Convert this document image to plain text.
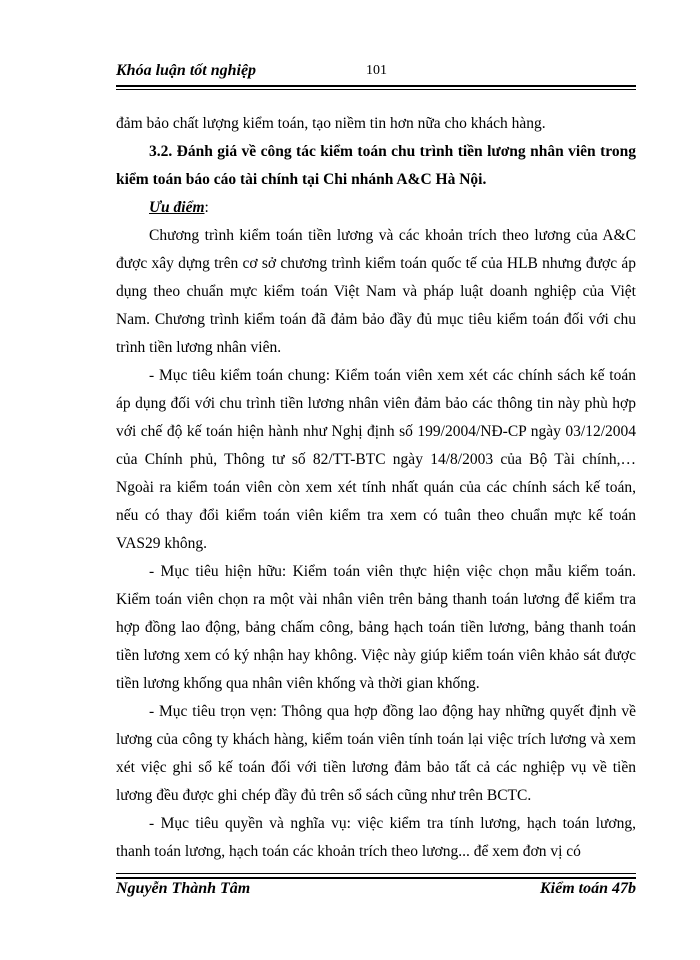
Khóa luận tốt nghiệp	101

đảm bảo chất lượng kiểm toán, tạo niềm tin hơn nữa cho khách hàng.

3.2. Đánh giá về công tác kiểm toán chu trình tiền lương nhân viên trong kiểm toán báo cáo tài chính tại Chi nhánh A&C Hà Nội.

Ưu điểm:

Chương trình kiểm toán tiền lương và các khoản trích theo lương của A&C được xây dựng trên cơ sở chương trình kiểm toán quốc tế của HLB nhưng được áp dụng theo chuẩn mực kiểm toán Việt Nam và pháp luật doanh nghiệp của Việt Nam. Chương trình kiểm toán đã đảm bảo đầy đủ mục tiêu kiểm toán đối với chu trình tiền lương nhân viên.

- Mục tiêu kiểm toán chung: Kiểm toán viên xem xét các chính sách kế toán áp dụng đối với chu trình tiền lương nhân viên đảm bảo các thông tin này phù hợp với chế độ kế toán hiện hành như Nghị định số 199/2004/NĐ-CP ngày 03/12/2004 của Chính phủ, Thông tư số 82/TT-BTC ngày 14/8/2003 của Bộ Tài chính,… Ngoài ra kiểm toán viên còn xem xét tính nhất quán của các chính sách kế toán, nếu có thay đổi kiểm toán viên kiểm tra xem có tuân theo chuẩn mực kế toán VAS29 không.

- Mục tiêu hiện hữu: Kiểm toán viên thực hiện việc chọn mẫu kiểm toán. Kiểm toán viên chọn ra một vài nhân viên trên bảng thanh toán lương để kiểm tra hợp đồng lao động, bảng chấm công, bảng hạch toán tiền lương, bảng thanh toán tiền lương xem có ký nhận hay không. Việc này giúp kiểm toán viên khảo sát được tiền lương khống qua nhân viên khống và thời gian khống.

- Mục tiêu trọn vẹn: Thông qua hợp đồng lao động hay những quyết định về lương của công ty khách hàng, kiểm toán viên tính toán lại việc trích lương và xem xét việc ghi sổ kế toán đối với tiền lương đảm bảo tất cả các nghiệp vụ về tiền lương đều được ghi chép đầy đủ trên sổ sách cũng như trên BCTC.

- Mục tiêu quyền và nghĩa vụ: việc kiểm tra tính lương, hạch toán lương, thanh toán lương, hạch toán các khoản trích theo lương... để xem đơn vị có

Nguyễn Thành Tâm	Kiểm toán 47b
